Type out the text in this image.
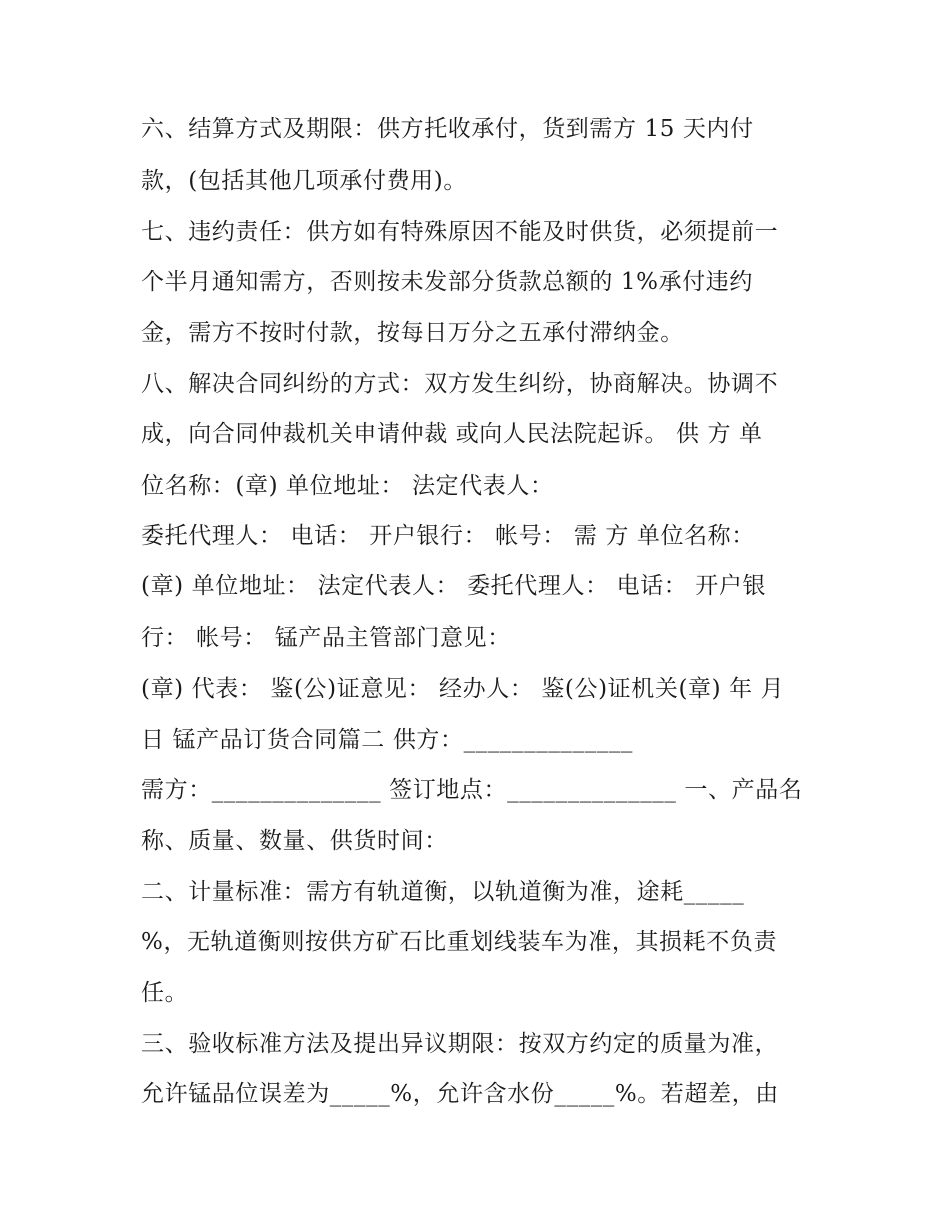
六、结算方式及期限：供方托收承付，货到需方 15 天内付
款，(包括其他几项承付费用)。
七、违约责任：供方如有特殊原因不能及时供货，必须提前一
个半月通知需方，否则按未发部分货款总额的 1%承付违约
金，需方不按时付款，按每日万分之五承付滞纳金。
八、解决合同纠纷的方式：双方发生纠纷，协商解决。协调不
成，向合同仲裁机关申请仲裁 或向人民法院起诉。 供 方 单
位名称：(章) 单位地址： 法定代表人：
委托代理人： 电话： 开户银行： 帐号： 需 方 单位名称：
(章) 单位地址： 法定代表人： 委托代理人： 电话： 开户银
行： 帐号： 锰产品主管部门意见：
(章) 代表： 鉴(公)证意见： 经办人： 鉴(公)证机关(章) 年 月
日 锰产品订货合同篇二 供方：______________
需方：______________ 签订地点：______________ 一、产品名
称、质量、数量、供货时间：
二、计量标准：需方有轨道衡，以轨道衡为准，途耗_____
%，无轨道衡则按供方矿石比重划线装车为准，其损耗不负责
任。
三、验收标准方法及提出异议期限：按双方约定的质量为准，
允许锰品位误差为_____%，允许含水份_____%。若超差，由
